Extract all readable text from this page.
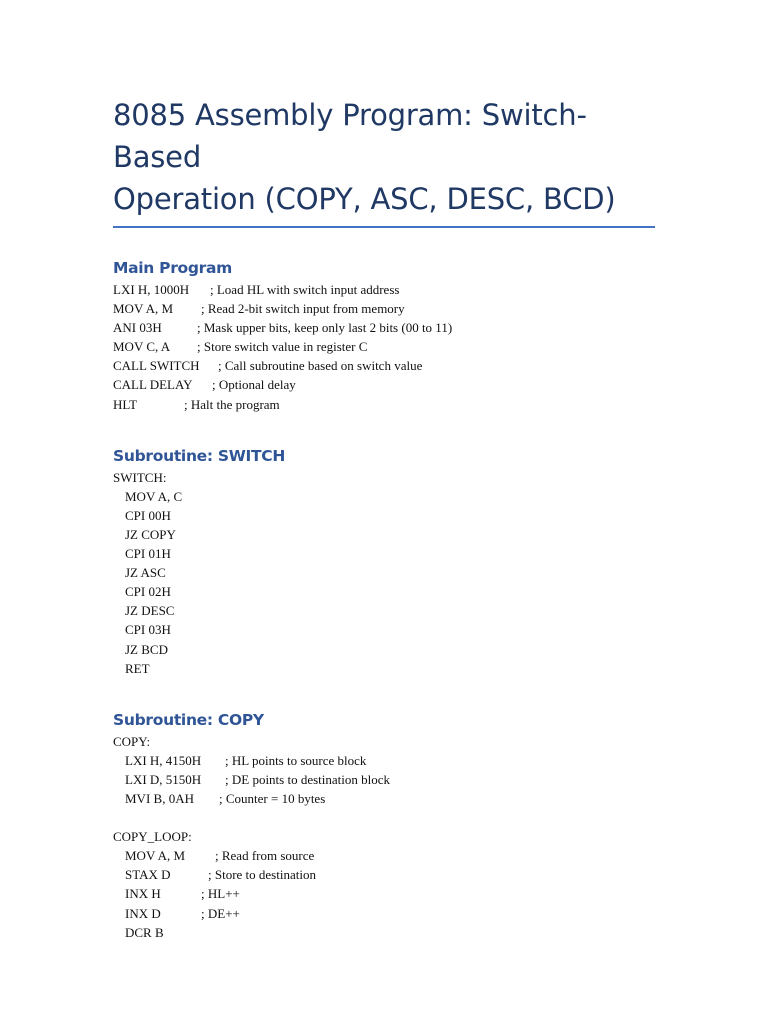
8085 Assembly Program: Switch-Based
Operation (COPY, ASC, DESC, BCD)
Main Program
LXI H, 1000H ; Load HL with switch input address
MOV A, M ; Read 2-bit switch input from memory
ANI 03H	; Mask upper bits, keep only last 2 bits (00 to 11)
MOV C, A ; Store switch value in register C
CALL SWITCH ; Call subroutine based on switch value
CALL DELAY ; Optional delay
HLT	; Halt the program
Subroutine: SWITCH
SWITCH:
MOV A, C
CPI 00H
JZ COPY
CPI 01H
JZ ASC
CPI 02H
JZ DESC
CPI 03H
JZ BCD
RET
Subroutine: COPY
COPY:
LXI H, 4150H ; HL points to source block
LXI D, 5150H ; DE points to destination block
MVI B, 0AH ; Counter = 10 bytes
COPY_LOOP:
MOV A, M ; Read from source
STAX D	; Store to destination
INX H	; HL++
INX D	; DE++
DCR B
